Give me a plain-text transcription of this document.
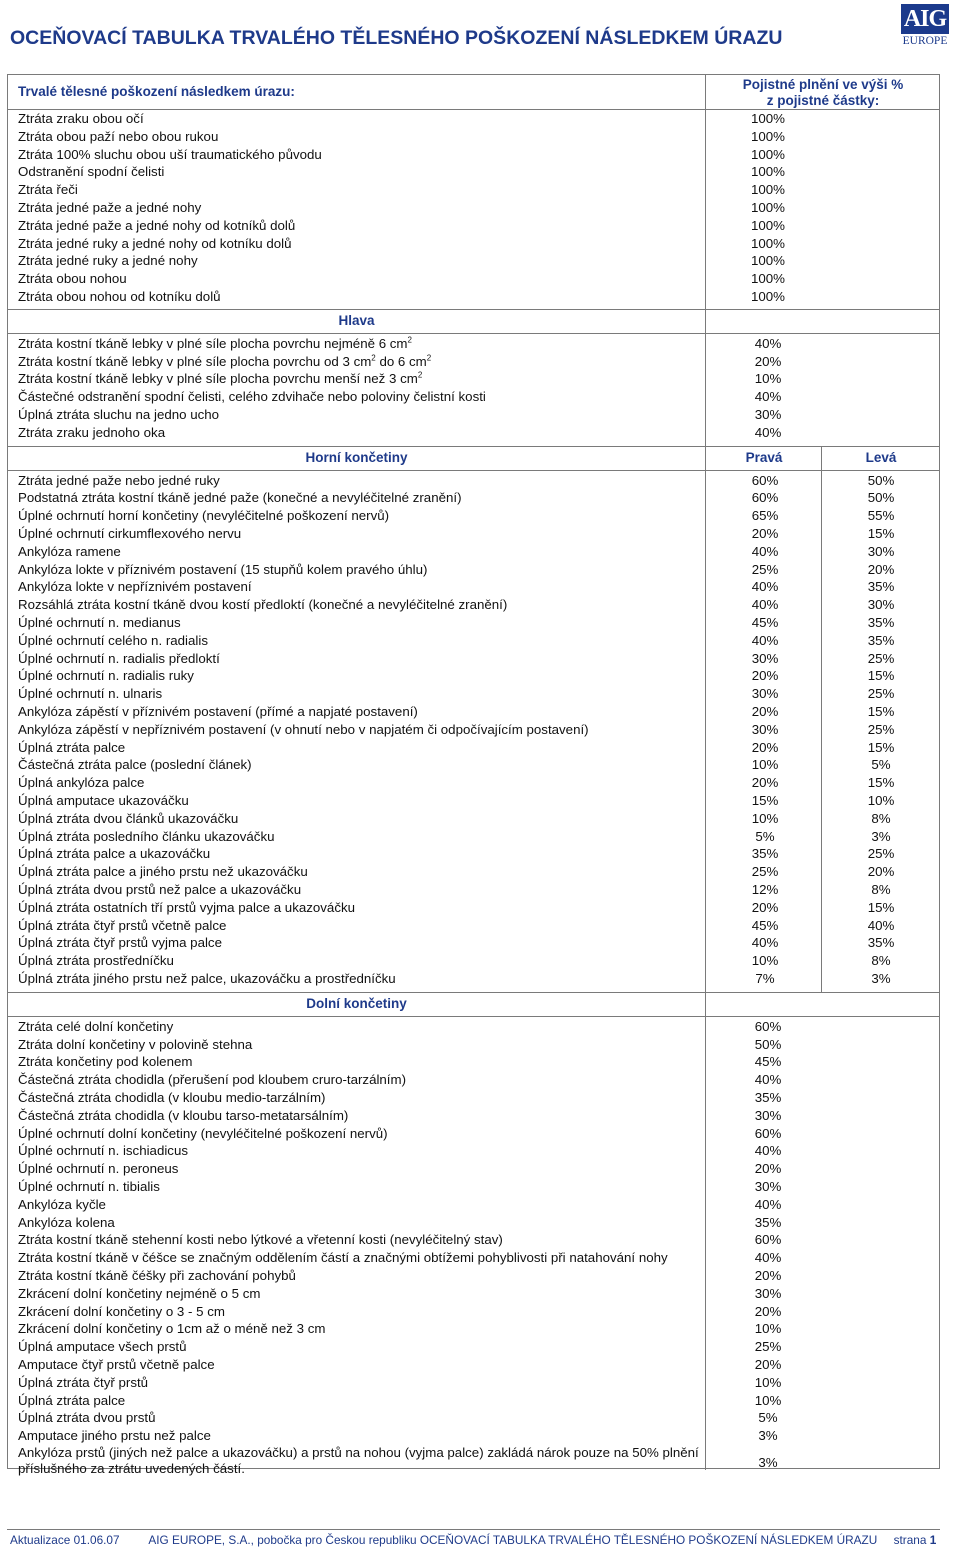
OCEŇOVACÍ TABULKA TRVALÉHO TĚLESNÉHO POŠKOZENÍ NÁSLEDKEM ÚRAZU
AIG
EUROPE
Trvalé tělesné poškození následkem úrazu:	Pojistné plnění ve výši %
z pojistné částky:
Ztráta zraku obou očí	100%
Ztráta obou paží nebo obou rukou	100%
Ztráta 100% sluchu obou uší traumatického původu	100%
Odstranění spodní čelisti	100%
Ztráta řeči	100%
Ztráta jedné paže a jedné nohy	100%
Ztráta jedné paže a jedné nohy od kotníků dolů	100%
Ztráta jedné ruky a jedné nohy od kotníku dolů	100%
Ztráta jedné ruky a jedné nohy	100%
Ztráta obou nohou	100%
Ztráta obou nohou od kotníku dolů	100%
Hlava
Ztráta kostní tkáně lebky v plné síle plocha povrchu nejméně 6 $cm^2$	40%
Ztráta kostní tkáně lebky v plné síle plocha povrchu od 3 $cm^2$ do 6 $cm^2$	20%
Ztráta kostní tkáně lebky v plné síle plocha povrchu menší než 3 $cm^2$	10%
Částečné odstranění spodní čelisti, celého zdvihače nebo poloviny čelistní kosti	40%
Úplná ztráta sluchu na jedno ucho	30%
Ztráta zraku jednoho oka	40%
Horní končetiny	Pravá	Levá
Ztráta jedné paže nebo jedné ruky	60%	50%
Podstatná ztráta kostní tkáně jedné paže (konečné a nevyléčitelné zranění)	60%	50%
Úplné ochrnutí horní končetiny (nevyléčitelné poškození nervů)	65%	55%
Úplné ochrnutí cirkumflexového nervu	20%	15%
Ankylóza ramene	40%	30%
Ankylóza lokte v příznivém postavení (15 stupňů kolem pravého úhlu)	25%	20%
Ankylóza lokte v nepříznivém postavení	40%	35%
Rozsáhlá ztráta kostní tkáně dvou kostí předloktí (konečné a nevyléčitelné zranění)	40%	30%
Úplné ochrnutí n. medianus	45%	35%
Úplné ochrnutí celého n. radialis	40%	35%
Úplné ochrnutí n. radialis předloktí	30%	25%
Úplné ochrnutí n. radialis ruky	20%	15%
Úplné ochrnutí n. ulnaris	30%	25%
Ankylóza zápěstí v příznivém postavení (přímé a napjaté postavení)	20%	15%
Ankylóza zápěstí v nepříznivém postavení (v ohnutí nebo v napjatém či odpočívajícím postavení)	30%	25%
Úplná ztráta palce	20%	15%
Částečná ztráta palce (poslední článek)	10%	5%
Úplná ankylóza palce	20%	15%
Úplná amputace ukazováčku	15%	10%
Úplná ztráta dvou článků ukazováčku	10%	8%
Úplná ztráta posledního článku ukazováčku	5%	3%
Úplná ztráta palce a ukazováčku	35%	25%
Úplná ztráta palce a jiného prstu než ukazováčku	25%	20%
Úplná ztráta dvou prstů než palce a ukazováčku	12%	8%
Úplná ztráta ostatních tří prstů vyjma palce a ukazováčku	20%	15%
Úplná ztráta čtyř prstů včetně palce	45%	40%
Úplná ztráta čtyř prstů vyjma palce	40%	35%
Úplná ztráta prostředníčku	10%	8%
Úplná ztráta jiného prstu než palce, ukazováčku a prostředníčku	7%	3%
Dolní končetiny
Ztráta celé dolní končetiny	60%
Ztráta dolní končetiny v polovině stehna	50%
Ztráta končetiny pod kolenem	45%
Částečná ztráta chodidla (přerušení pod kloubem cruro-tarzálním)	40%
Částečná ztráta chodidla (v kloubu medio-tarzálním)	35%
Částečná ztráta chodidla (v kloubu tarso-metatarsálním)	30%
Úplné ochrnutí dolní končetiny (nevyléčitelné poškození nervů)	60%
Úplné ochrnutí n. ischiadicus	40%
Úplné ochrnutí n. peroneus	20%
Úplné ochrnutí n. tibialis	30%
Ankylóza kyčle	40%
Ankylóza kolena	35%
Ztráta kostní tkáně stehenní kosti nebo lýtkové a vřetenní kosti (nevyléčitelný stav)	60%
Ztráta kostní tkáně v čéšce se značným oddělením částí a značnými obtížemi pohyblivosti při natahování nohy	40%
Ztráta kostní tkáně čéšky při zachování pohybů	20%
Zkrácení dolní končetiny nejméně o 5 cm	30%
Zkrácení dolní končetiny o 3 - 5 cm	20%
Zkrácení dolní končetiny o 1cm až o méně než 3 cm	10%
Úplná amputace všech prstů	25%
Amputace čtyř prstů včetně palce	20%
Úplná ztráta čtyř prstů	10%
Úplná ztráta palce	10%
Úplná ztráta dvou prstů	5%
Amputace jiného prstu než palce	3%
Ankylóza prstů (jiných než palce a ukazováčku) a prstů na nohou (vyjma palce) zakládá nárok pouze na 50% plnění příslušného za ztrátu uvedených částí.	3%
Aktualizace 01.06.07 AIG EUROPE, S.A., pobočka pro Českou republiku OCEŇOVACÍ TABULKA TRVALÉHO TĚLESNÉHO POŠKOZENÍ NÁSLEDKEM ÚRAZU strana 1
